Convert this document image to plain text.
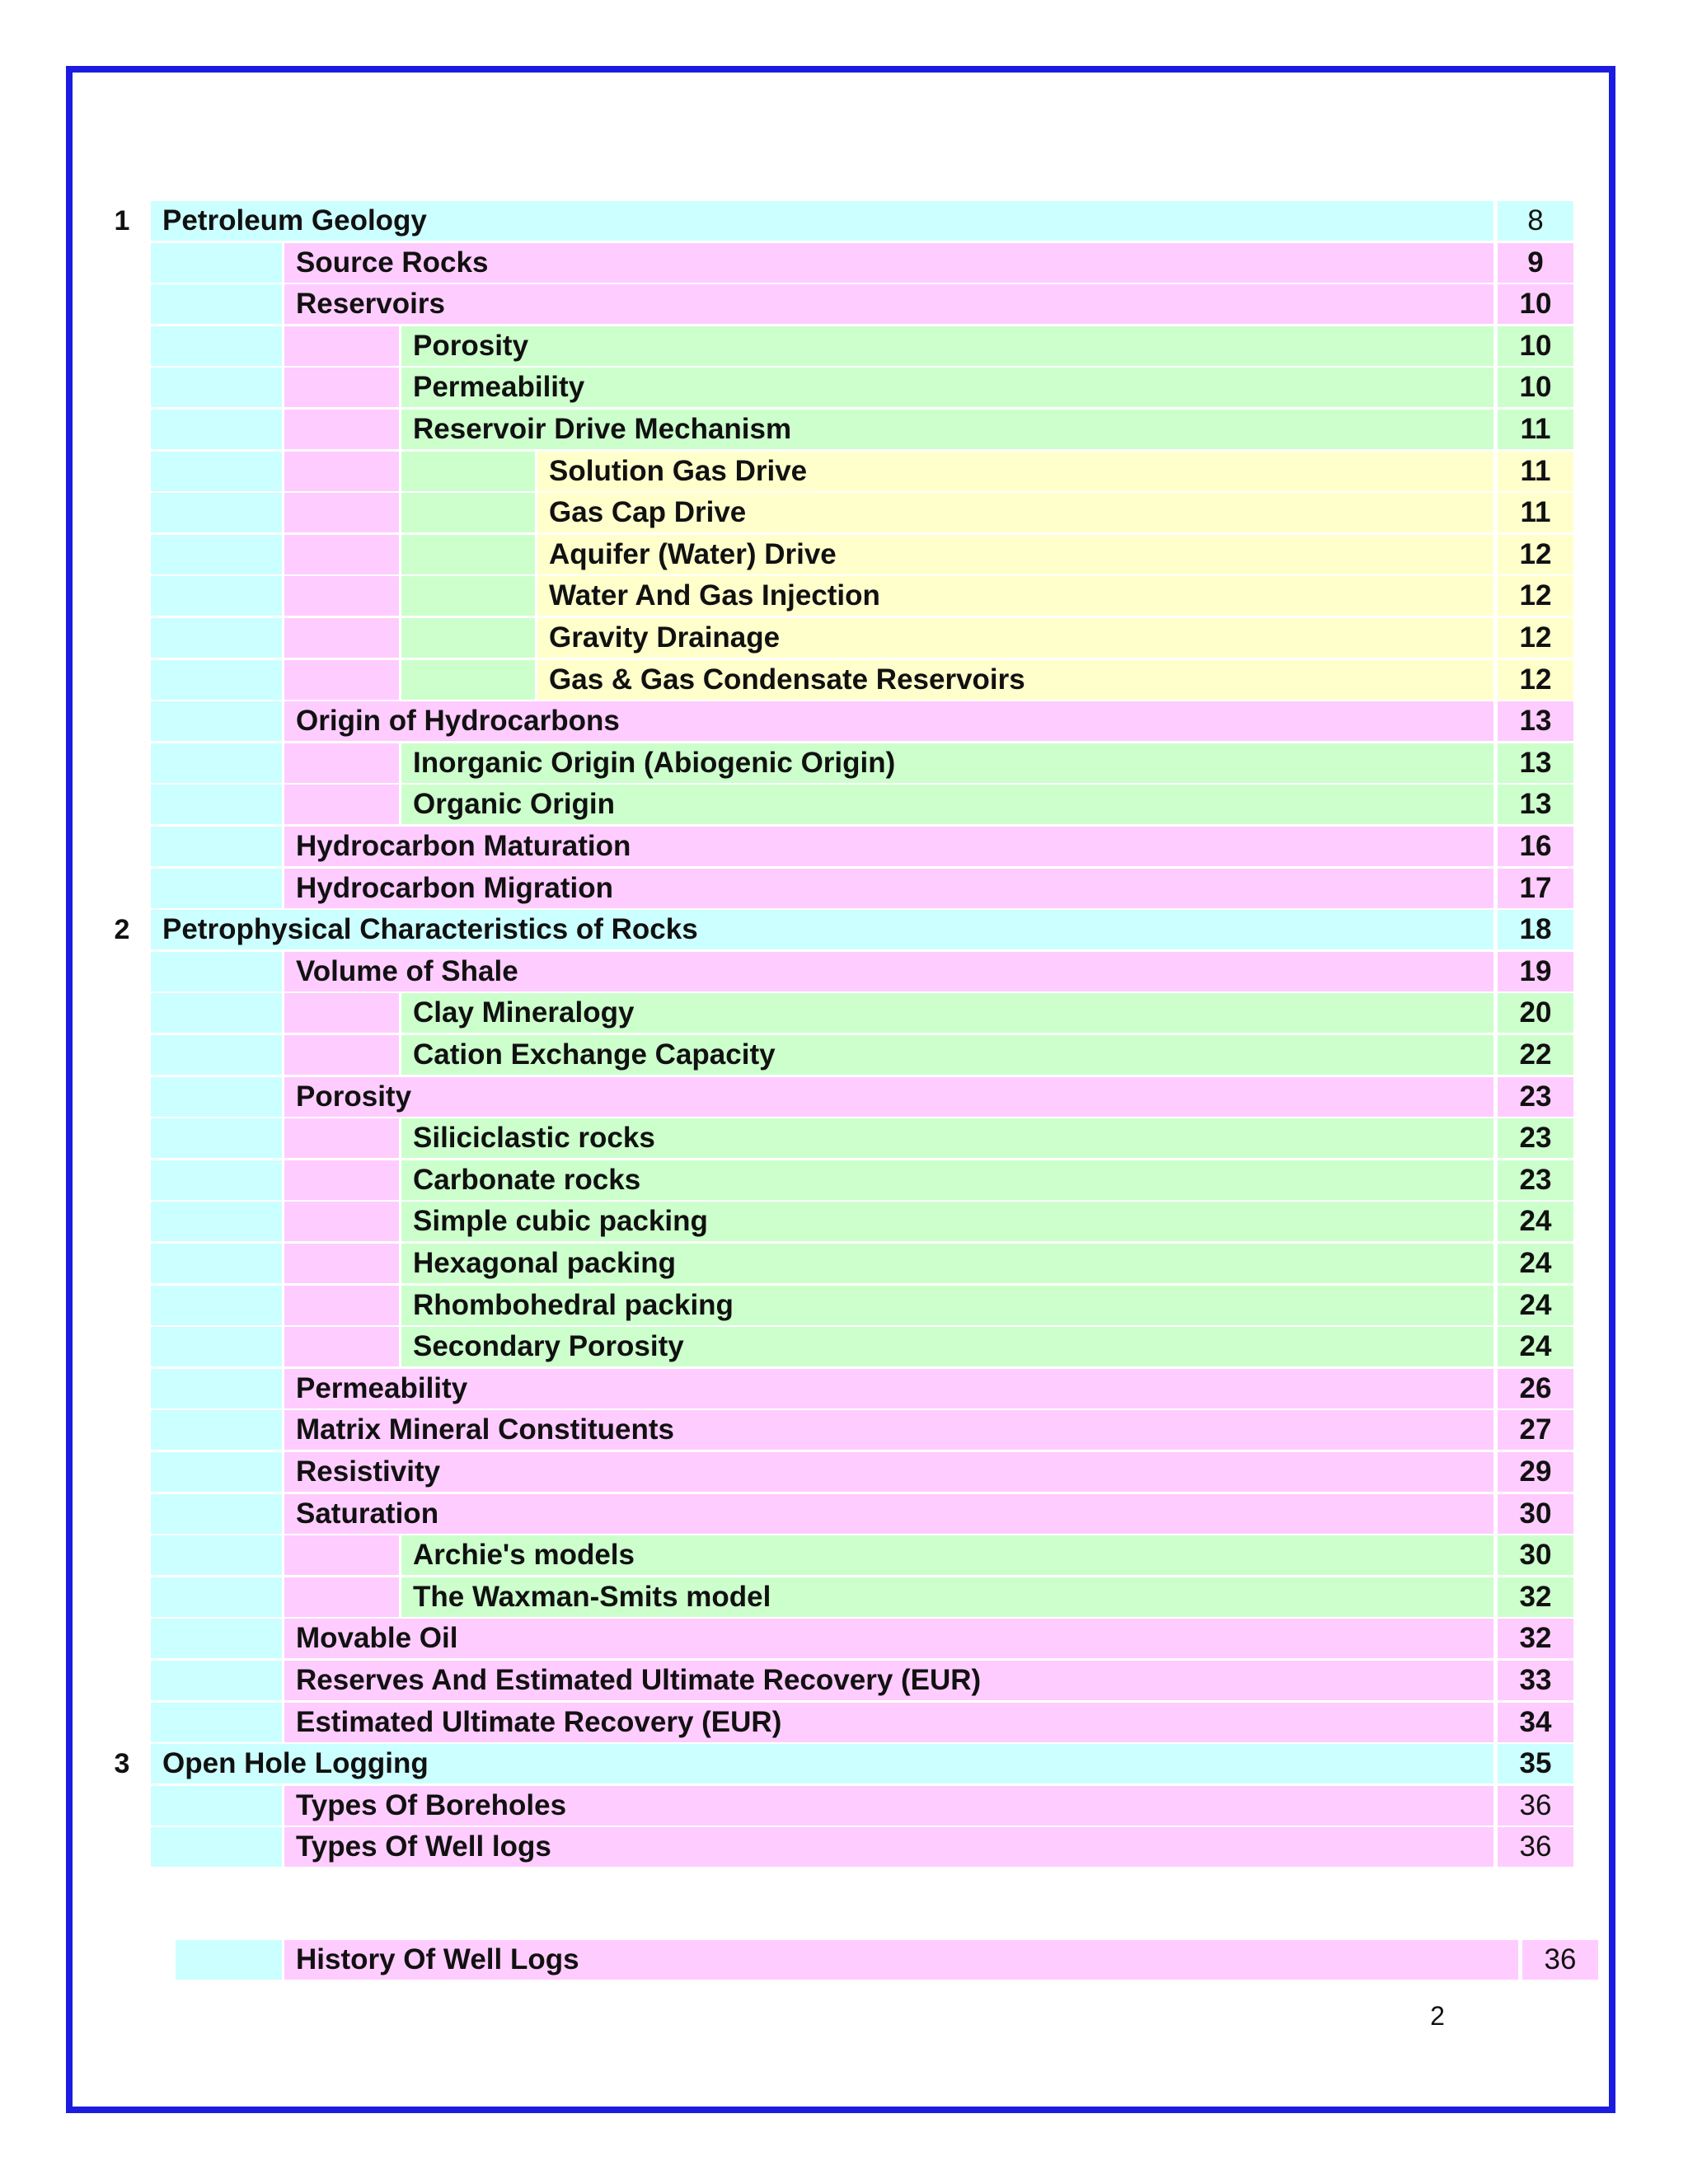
1	Petroleum Geology	8
Source Rocks	9
Reservoirs	10
Porosity	10
Permeability	10
Reservoir Drive Mechanism	11
Solution Gas Drive	11
Gas Cap Drive	11
Aquifer (Water) Drive	12
Water And Gas Injection	12
Gravity Drainage	12
Gas & Gas Condensate Reservoirs	12
Origin of Hydrocarbons	13
Inorganic Origin (Abiogenic Origin)	13
Organic Origin	13
Hydrocarbon Maturation	16
Hydrocarbon Migration	17
2	Petrophysical Characteristics of Rocks	18
Volume of Shale	19
Clay Mineralogy	20
Cation Exchange Capacity	22
Porosity	23
Siliciclastic rocks	23
Carbonate rocks	23
Simple cubic packing	24
Hexagonal packing	24
Rhombohedral packing	24
Secondary Porosity	24
Permeability	26
Matrix Mineral Constituents	27
Resistivity	29
Saturation	30
Archie's models	30
The Waxman-Smits model	32
Movable Oil	32
Reserves And Estimated Ultimate Recovery (EUR)	33
Estimated Ultimate Recovery (EUR)	34
3	Open Hole Logging	35
Types Of Boreholes	36
Types Of Well logs	36
History Of Well Logs	36
2
